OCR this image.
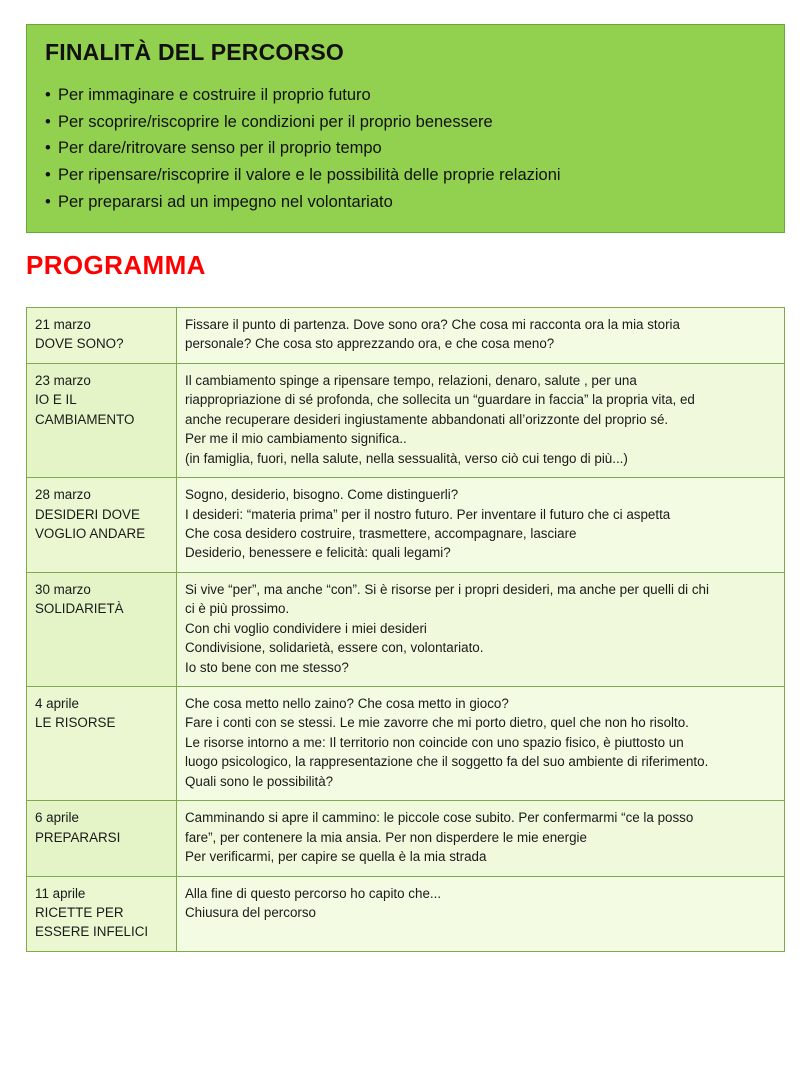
FINALITÀ DEL PERCORSO
• Per immaginare e costruire il proprio futuro
• Per scoprire/riscoprire le condizioni per il proprio benessere
• Per dare/ritrovare senso per il proprio tempo
• Per ripensare/riscoprire il valore e le possibilità delle proprie relazioni
• Per prepararsi ad un impegno nel volontariato
PROGRAMMA
21 marzo
DOVE SONO?	Fissare il punto di partenza. Dove sono ora? Che cosa mi racconta ora la mia storia
personale? Che cosa sto apprezzando ora, e che cosa meno?

23 marzo
IO E IL CAMBIAMENTO	Il cambiamento spinge a ripensare tempo, relazioni, denaro, salute , per una
riappropriazione di sé profonda, che sollecita un “guardare in faccia” la propria vita, ed
anche recuperare desideri ingiustamente abbandonati all’orizzonte del proprio sé.
Per me il mio cambiamento significa..
(in famiglia, fuori, nella salute, nella sessualità, verso ciò cui tengo di più...)

28 marzo
DESIDERI DOVE VOGLIO ANDARE	Sogno, desiderio, bisogno. Come distinguerli?
I desideri: “materia prima” per il nostro futuro. Per inventare il futuro che ci aspetta
Che cosa desidero costruire, trasmettere, accompagnare, lasciare
Desiderio, benessere e felicità: quali legami?

30 marzo
SOLIDARIETÀ	Si vive “per”, ma anche “con”. Si è risorse per i propri desideri, ma anche per quelli di chi
ci è più prossimo.
Con chi voglio condividere i miei desideri
Condivisione, solidarietà, essere con, volontariato.
Io sto bene con me stesso?

4 aprile
LE RISORSE	Che cosa metto nello zaino? Che cosa metto in gioco?
Fare i conti con se stessi. Le mie zavorre che mi porto dietro, quel che non ho risolto.
Le risorse intorno a me: Il territorio non coincide con uno spazio fisico, è piuttosto un
luogo psicologico, la rappresentazione che il soggetto fa del suo ambiente di riferimento.
Quali sono le possibilità?

6 aprile
PREPARARSI	Camminando si apre il cammino: le piccole cose subito. Per confermarmi “ce la posso
fare”, per contenere la mia ansia. Per non disperdere le mie energie
Per verificarmi, per capire se quella è la mia strada

11 aprile
RICETTE PER ESSERE INFELICI	Alla fine di questo percorso ho capito che...
Chiusura del percorso
